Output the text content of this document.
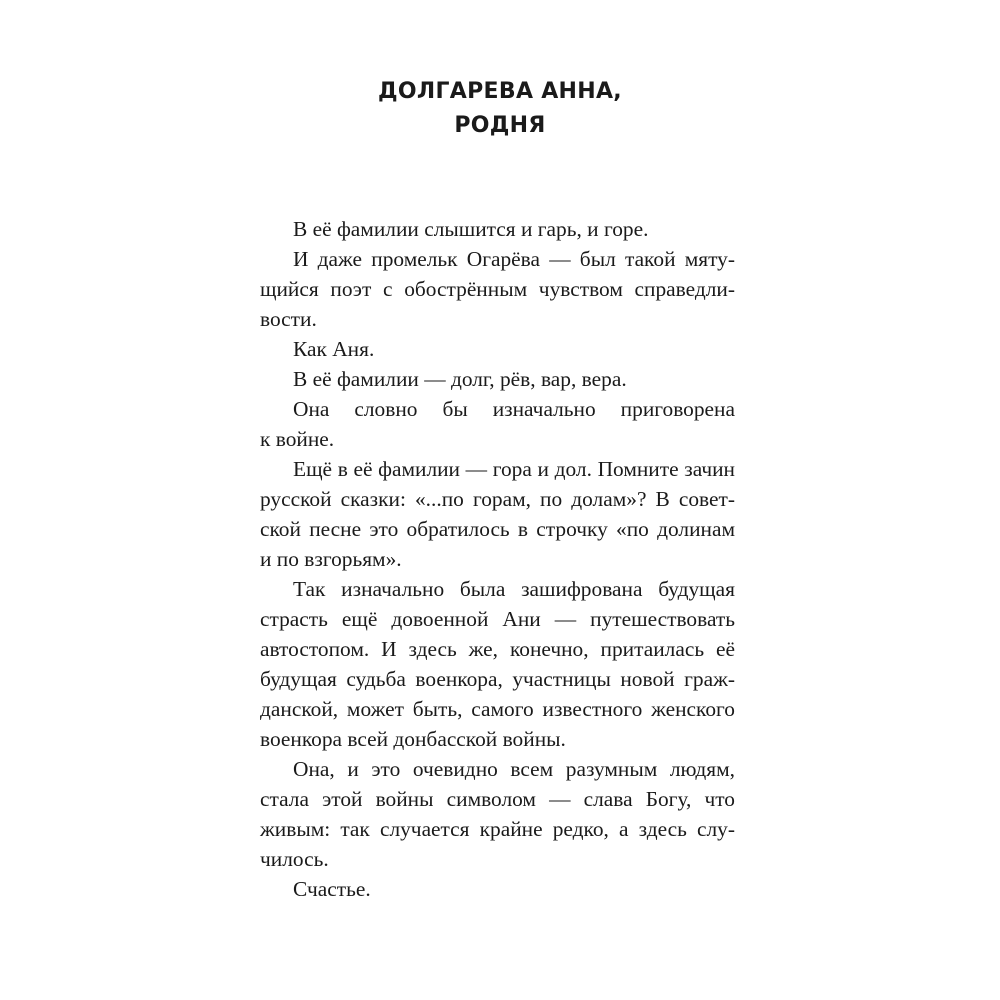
ДОЛГАРЕВА АННА,
РОДНЯ
В её фамилии слышится и гарь, и горе.
И даже промельк Огарёва — был такой мяту-
щийся поэт с обострённым чувством справедли-
вости.
Как Аня.
В её фамилии — долг, рёв, вар, вера.
Она словно бы изначально приговорена
к войне.
Ещё в её фамилии — гора и дол. Помните зачин
русской сказки: «...по горам, по долам»? В совет-
ской песне это обратилось в строчку «по долинам
и по взгорьям».
Так изначально была зашифрована будущая
страсть ещё довоенной Ани — путешествовать
автостопом. И здесь же, конечно, притаилась её
будущая судьба военкора, участницы новой граж-
данской, может быть, самого известного женского
военкора всей донбасской войны.
Она, и это очевидно всем разумным людям,
стала этой войны символом — слава Богу, что
живым: так случается крайне редко, а здесь слу-
чилось.
Счастье.
